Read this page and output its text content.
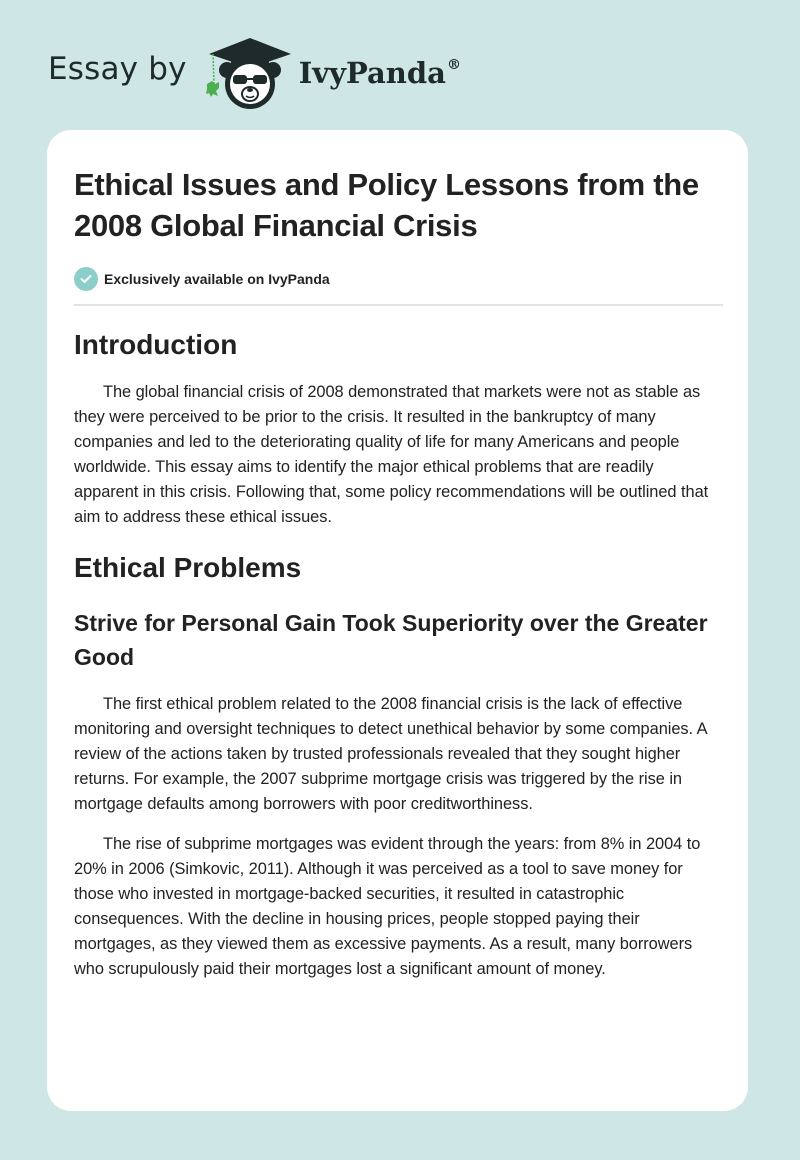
Essay by	IvyPanda®
Ethical Issues and Policy Lessons from the 2008 Global Financial Crisis
Exclusively available on IvyPanda
Introduction

The global financial crisis of 2008 demonstrated that markets were not as stable as they were perceived to be prior to the crisis. It resulted in the bankruptcy of many companies and led to the deteriorating quality of life for many Americans and people worldwide. This essay aims to identify the major ethical problems that are readily apparent in this crisis. Following that, some policy recommendations will be outlined that aim to address these ethical issues.

Ethical Problems
Strive for Personal Gain Took Superiority over the Greater Good

The first ethical problem related to the 2008 financial crisis is the lack of effective monitoring and oversight techniques to detect unethical behavior by some companies. A review of the actions taken by trusted professionals revealed that they sought higher returns. For example, the 2007 subprime mortgage crisis was triggered by the rise in mortgage defaults among borrowers with poor creditworthiness.

The rise of subprime mortgages was evident through the years: from 8% in 2004 to 20% in 2006 (Simkovic, 2011). Although it was perceived as a tool to save money for those who invested in mortgage-backed securities, it resulted in catastrophic consequences. With the decline in housing prices, people stopped paying their mortgages, as they viewed them as excessive payments. As a result, many borrowers who scrupulously paid their mortgages lost a significant amount of money.
